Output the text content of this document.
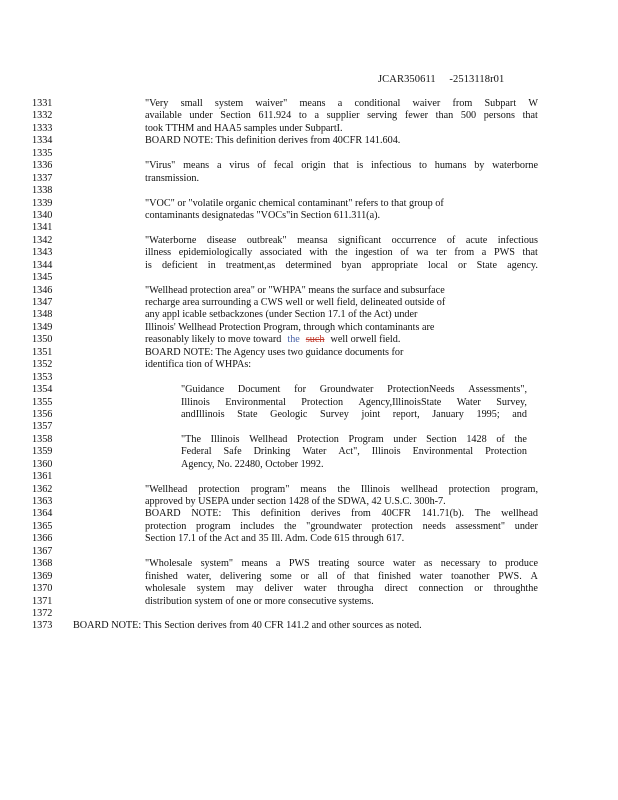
JCAR350611     -2513118r01
1331	"Very small system waiver" means a conditional waiver from Subpart W
1332	available under Section 611.924 to a supplier serving fewer than 500 persons that
1333	took TTHM and HAA5 samples under SubpartI.
1334	BOARD NOTE: This definition derives from 40CFR 141.604.
1335
1336	"Virus" means a virus of fecal origin that is infectious to humans by waterborne
1337	transmission.
1338
1339	"VOC" or "volatile organic chemical contaminant" refers to that group of
1340	contaminants designatedas "VOCs"in Section 611.311(a).
1341
1342	"Waterborne disease outbreak" meansa significant occurrence of acute infectious
1343	illness epidemiologically associated with the ingestion of wa ter from a PWS that
1344	is deficient in treatment,as determined byan appropriate local or State agency.
1345
1346	"Wellhead protection area" or "WHPA" means the surface and subsurface
1347	recharge area surrounding a CWS well or well field, delineated outside of
1348	any appl icable setbackzones (under Section 17.1 of the Act) under
1349	Illinois' Wellhead Protection Program, through which contaminants are
1350	reasonably likely to move toward the such well orwell field.
1351	BOARD NOTE: The Agency uses two guidance documents for
1352	identifica tion of WHPAs:
1353
1354	"Guidance Document for Groundwater ProtectionNeeds Assessments",
1355	Illinois Environmental Protection Agency,IllinoisState Water Survey,
1356	andIllinois State Geologic Survey joint report, January 1995; and
1357
1358	"The Illinois Wellhead Protection Program under Section 1428 of the
1359	Federal Safe Drinking Water Act", Illinois Environmental Protection
1360	Agency, No. 22480, October 1992.
1361
1362	"Wellhead protection program" means the Illinois wellhead protection program,
1363	approved by USEPA under section 1428 of the SDWA, 42 U.S.C. 300h-7.
1364	BOARD NOTE: This definition derives from 40CFR 141.71(b). The wellhead
1365	protection program includes the "groundwater protection needs assessment" under
1366	Section 17.1 of the Act and 35 Ill. Adm. Code 615 through 617.
1367
1368	"Wholesale system" means a PWS treating source water as necessary to produce
1369	finished water, delivering some or all of that finished water toanother PWS. A
1370	wholesale system may deliver water througha direct connection or throughthe
1371	distribution system of one or more consecutive systems.
1372
1373	BOARD NOTE: This Section derives from 40 CFR 141.2 and other sources as noted.
